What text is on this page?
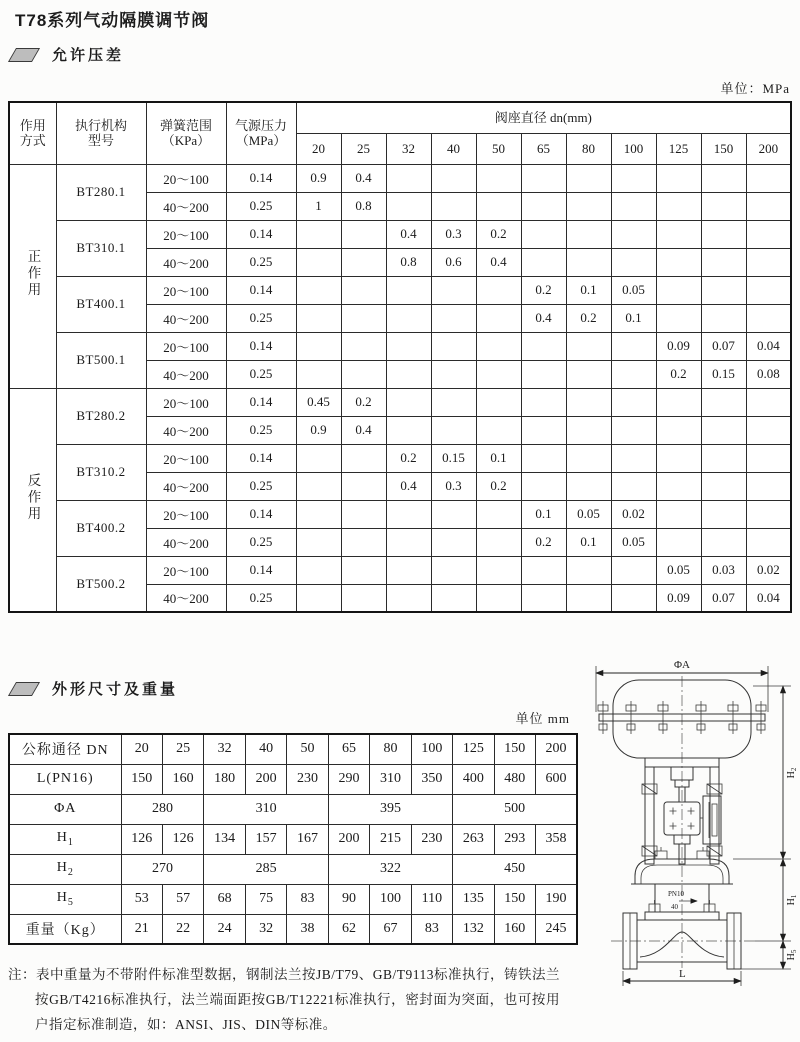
T78系列气动隔膜调节阀
允许压差
单位：MPa
作用
方式	执行机构
型号	弹簧范围
（KPa）	气源压力
（MPa）	阀座直径 dn(mm)										
				20	25	32	40	50	65	80	100	125	150	200
正作用	BT280.1	20～100	0.14	0.9	0.4									
		40～200	0.25	1	0.8									
	BT310.1	20～100	0.14			0.4	0.3	0.2						
		40～200	0.25			0.8	0.6	0.4						
	BT400.1	20～100	0.14						0.2	0.1	0.05			
		40～200	0.25						0.4	0.2	0.1			
	BT500.1	20～100	0.14									0.09	0.07	0.04
		40～200	0.25									0.2	0.15	0.08
反作用	BT280.2	20～100	0.14	0.45	0.2									
		40～200	0.25	0.9	0.4									
	BT310.2	20～100	0.14			0.2	0.15	0.1						
		40～200	0.25			0.4	0.3	0.2						
	BT400.2	20～100	0.14						0.1	0.05	0.02			
		40～200	0.25						0.2	0.1	0.05			
	BT500.2	20～100	0.14									0.05	0.03	0.02
		40～200	0.25									0.09	0.07	0.04
外形尺寸及重量
单位 mm
公称通径 DN	20	25	32	40	50	65	80	100	125	150	200
L(PN16)	150	160	180	200	230	290	310	350	400	480	600
ΦA	280		310			395			500		
$H_1$	126	126	134	157	167	200	215	230	263	293	358
$H_2$	270		285			322			450		
$H_5$	53	57	68	75	83	90	100	110	135	150	190
重量（Kg）	21	22	24	32	38	62	67	83	132	160	245
ΦA
PN10
40
L
$H_2$
$H_1$
$H_5$

注：表中重量为不带附件标准型数据，钢制法兰按JB/T79、GB/T9113标准执行，铸铁法兰按GB/T4216标准执行，法兰端面距按GB/T12221标准执行，密封面为突面，也可按用户指定标准制造，如：ANSI、JIS、DIN等标准。
